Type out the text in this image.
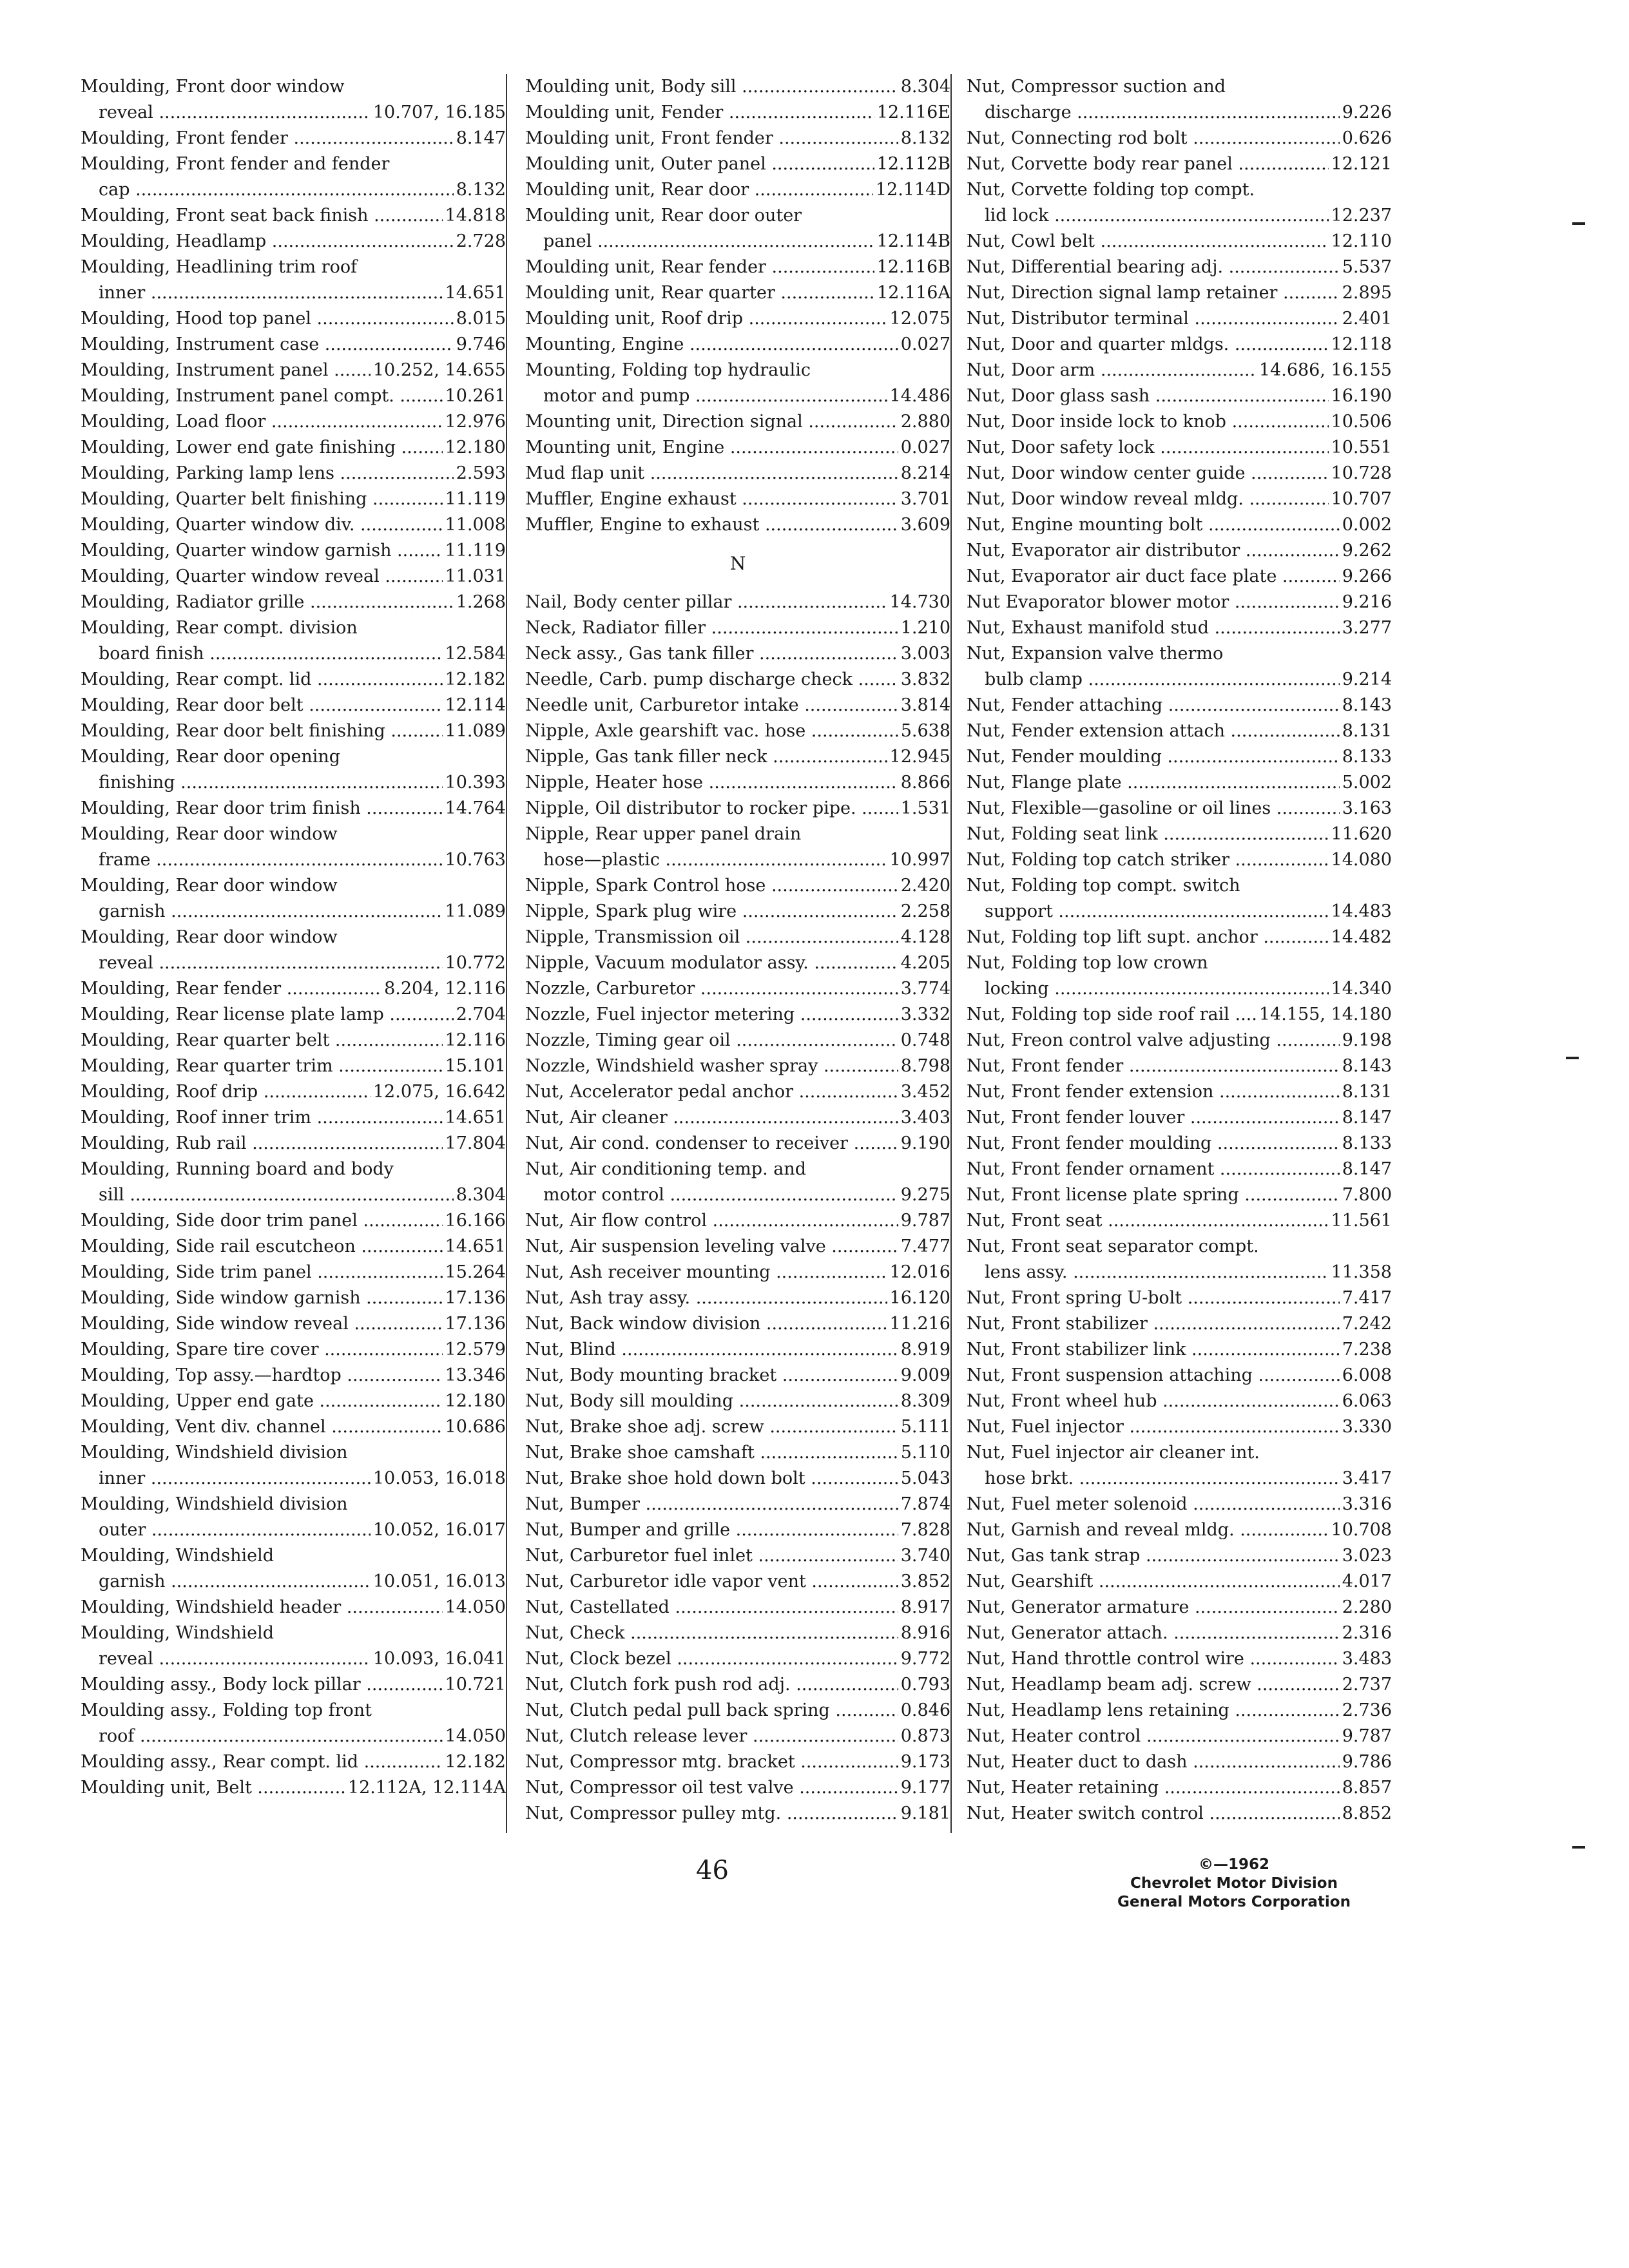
Moulding, Front door window
reveal .....	10.707, 16.185
Moulding, Front fender .....	8.147
Moulding, Front fender and fender
cap .....	8.132
Moulding, Front seat back finish .....	14.818
Moulding, Headlamp .....	2.728
Moulding, Headlining trim roof
inner .....	14.651
Moulding, Hood top panel .....	8.015
Moulding, Instrument case .....	9.746
Moulding, Instrument panel .....	10.252, 14.655
Moulding, Instrument panel compt. .....	10.261
Moulding, Load floor .....	12.976
Moulding, Lower end gate finishing .....	12.180
Moulding, Parking lamp lens .....	2.593
Moulding, Quarter belt finishing .....	11.119
Moulding, Quarter window div. .....	11.008
Moulding, Quarter window garnish .....	11.119
Moulding, Quarter window reveal .....	11.031
Moulding, Radiator grille .....	1.268
Moulding, Rear compt. division
board finish .....	12.584
Moulding, Rear compt. lid .....	12.182
Moulding, Rear door belt .....	12.114
Moulding, Rear door belt finishing .....	11.089
Moulding, Rear door opening
finishing .....	10.393
Moulding, Rear door trim finish .....	14.764
Moulding, Rear door window
frame .....	10.763
Moulding, Rear door window
garnish .....	11.089
Moulding, Rear door window
reveal .....	10.772
Moulding, Rear fender .....	8.204, 12.116
Moulding, Rear license plate lamp .....	2.704
Moulding, Rear quarter belt .....	12.116
Moulding, Rear quarter trim .....	15.101
Moulding, Roof drip .....	12.075, 16.642
Moulding, Roof inner trim .....	14.651
Moulding, Rub rail .....	17.804
Moulding, Running board and body
sill .....	8.304
Moulding, Side door trim panel .....	16.166
Moulding, Side rail escutcheon .....	14.651
Moulding, Side trim panel .....	15.264
Moulding, Side window garnish .....	17.136
Moulding, Side window reveal .....	17.136
Moulding, Spare tire cover .....	12.579
Moulding, Top assy.—hardtop .....	13.346
Moulding, Upper end gate .....	12.180
Moulding, Vent div. channel .....	10.686
Moulding, Windshield division
inner .....	10.053, 16.018
Moulding, Windshield division
outer .....	10.052, 16.017
Moulding, Windshield
garnish .....	10.051, 16.013
Moulding, Windshield header .....	14.050
Moulding, Windshield
reveal .....	10.093, 16.041
Moulding assy., Body lock pillar .....	10.721
Moulding assy., Folding top front
roof .....	14.050
Moulding assy., Rear compt. lid .....	12.182
Moulding unit, Belt .....	12.112A, 12.114A
Moulding unit, Body sill .....	8.304
Moulding unit, Fender .....	12.116E
Moulding unit, Front fender .....	8.132
Moulding unit, Outer panel .....	12.112B
Moulding unit, Rear door .....	12.114D
Moulding unit, Rear door outer
panel .....	12.114B
Moulding unit, Rear fender .....	12.116B
Moulding unit, Rear quarter .....	12.116A
Moulding unit, Roof drip .....	12.075
Mounting, Engine .....	0.027
Mounting, Folding top hydraulic
motor and pump .....	14.486
Mounting unit, Direction signal .....	2.880
Mounting unit, Engine .....	0.027
Mud flap unit .....	8.214
Muffler, Engine exhaust .....	3.701
Muffler, Engine to exhaust .....	3.609
N
Nail, Body center pillar .....	14.730
Neck, Radiator filler .....	1.210
Neck assy., Gas tank filler .....	3.003
Needle, Carb. pump discharge check .....	3.832
Needle unit, Carburetor intake .....	3.814
Nipple, Axle gearshift vac. hose .....	5.638
Nipple, Gas tank filler neck .....	12.945
Nipple, Heater hose .....	8.866
Nipple, Oil distributor to rocker pipe. .....	1.531
Nipple, Rear upper panel drain
hose—plastic .....	10.997
Nipple, Spark Control hose .....	2.420
Nipple, Spark plug wire .....	2.258
Nipple, Transmission oil .....	4.128
Nipple, Vacuum modulator assy. .....	4.205
Nozzle, Carburetor .....	3.774
Nozzle, Fuel injector metering .....	3.332
Nozzle, Timing gear oil .....	0.748
Nozzle, Windshield washer spray .....	8.798
Nut, Accelerator pedal anchor .....	3.452
Nut, Air cleaner .....	3.403
Nut, Air cond. condenser to receiver .....	9.190
Nut, Air conditioning temp. and
motor control .....	9.275
Nut, Air flow control .....	9.787
Nut, Air suspension leveling valve .....	7.477
Nut, Ash receiver mounting .....	12.016
Nut, Ash tray assy. .....	16.120
Nut, Back window division .....	11.216
Nut, Blind .....	8.919
Nut, Body mounting bracket .....	9.009
Nut, Body sill moulding .....	8.309
Nut, Brake shoe adj. screw .....	5.111
Nut, Brake shoe camshaft .....	5.110
Nut, Brake shoe hold down bolt .....	5.043
Nut, Bumper .....	7.874
Nut, Bumper and grille .....	7.828
Nut, Carburetor fuel inlet .....	3.740
Nut, Carburetor idle vapor vent .....	3.852
Nut, Castellated .....	8.917
Nut, Check .....	8.916
Nut, Clock bezel .....	9.772
Nut, Clutch fork push rod adj. .....	0.793
Nut, Clutch pedal pull back spring .....	0.846
Nut, Clutch release lever .....	0.873
Nut, Compressor mtg. bracket .....	9.173
Nut, Compressor oil test valve .....	9.177
Nut, Compressor pulley mtg. .....	9.181
Nut, Compressor suction and
discharge .....	9.226
Nut, Connecting rod bolt .....	0.626
Nut, Corvette body rear panel .....	12.121
Nut, Corvette folding top compt.
lid lock .....	12.237
Nut, Cowl belt .....	12.110
Nut, Differential bearing adj. .....	5.537
Nut, Direction signal lamp retainer .....	2.895
Nut, Distributor terminal .....	2.401
Nut, Door and quarter mldgs. .....	12.118
Nut, Door arm .....	14.686, 16.155
Nut, Door glass sash .....	16.190
Nut, Door inside lock to knob .....	10.506
Nut, Door safety lock .....	10.551
Nut, Door window center guide .....	10.728
Nut, Door window reveal mldg. .....	10.707
Nut, Engine mounting bolt .....	0.002
Nut, Evaporator air distributor .....	9.262
Nut, Evaporator air duct face plate .....	9.266
Nut Evaporator blower motor .....	9.216
Nut, Exhaust manifold stud .....	3.277
Nut, Expansion valve thermo
bulb clamp .....	9.214
Nut, Fender attaching .....	8.143
Nut, Fender extension attach .....	8.131
Nut, Fender moulding .....	8.133
Nut, Flange plate .....	5.002
Nut, Flexible—gasoline or oil lines .....	3.163
Nut, Folding seat link .....	11.620
Nut, Folding top catch striker .....	14.080
Nut, Folding top compt. switch
support .....	14.483
Nut, Folding top lift supt. anchor .....	14.482
Nut, Folding top low crown
locking .....	14.340
Nut, Folding top side roof rail .....	14.155, 14.180
Nut, Freon control valve adjusting .....	9.198
Nut, Front fender .....	8.143
Nut, Front fender extension .....	8.131
Nut, Front fender louver .....	8.147
Nut, Front fender moulding .....	8.133
Nut, Front fender ornament .....	8.147
Nut, Front license plate spring .....	7.800
Nut, Front seat .....	11.561
Nut, Front seat separator compt.
lens assy. .....	11.358
Nut, Front spring U-bolt .....	7.417
Nut, Front stabilizer .....	7.242
Nut, Front stabilizer link .....	7.238
Nut, Front suspension attaching .....	6.008
Nut, Front wheel hub .....	6.063
Nut, Fuel injector .....	3.330
Nut, Fuel injector air cleaner int.
hose brkt. .....	3.417
Nut, Fuel meter solenoid .....	3.316
Nut, Garnish and reveal mldg. .....	10.708
Nut, Gas tank strap .....	3.023
Nut, Gearshift .....	4.017
Nut, Generator armature .....	2.280
Nut, Generator attach. .....	2.316
Nut, Hand throttle control wire .....	3.483
Nut, Headlamp beam adj. screw .....	2.737
Nut, Headlamp lens retaining .....	2.736
Nut, Heater control .....	9.787
Nut, Heater duct to dash .....	9.786
Nut, Heater retaining .....	8.857
Nut, Heater switch control .....	8.852
46	©—1962
Chevrolet Motor Division
General Motors Corporation
